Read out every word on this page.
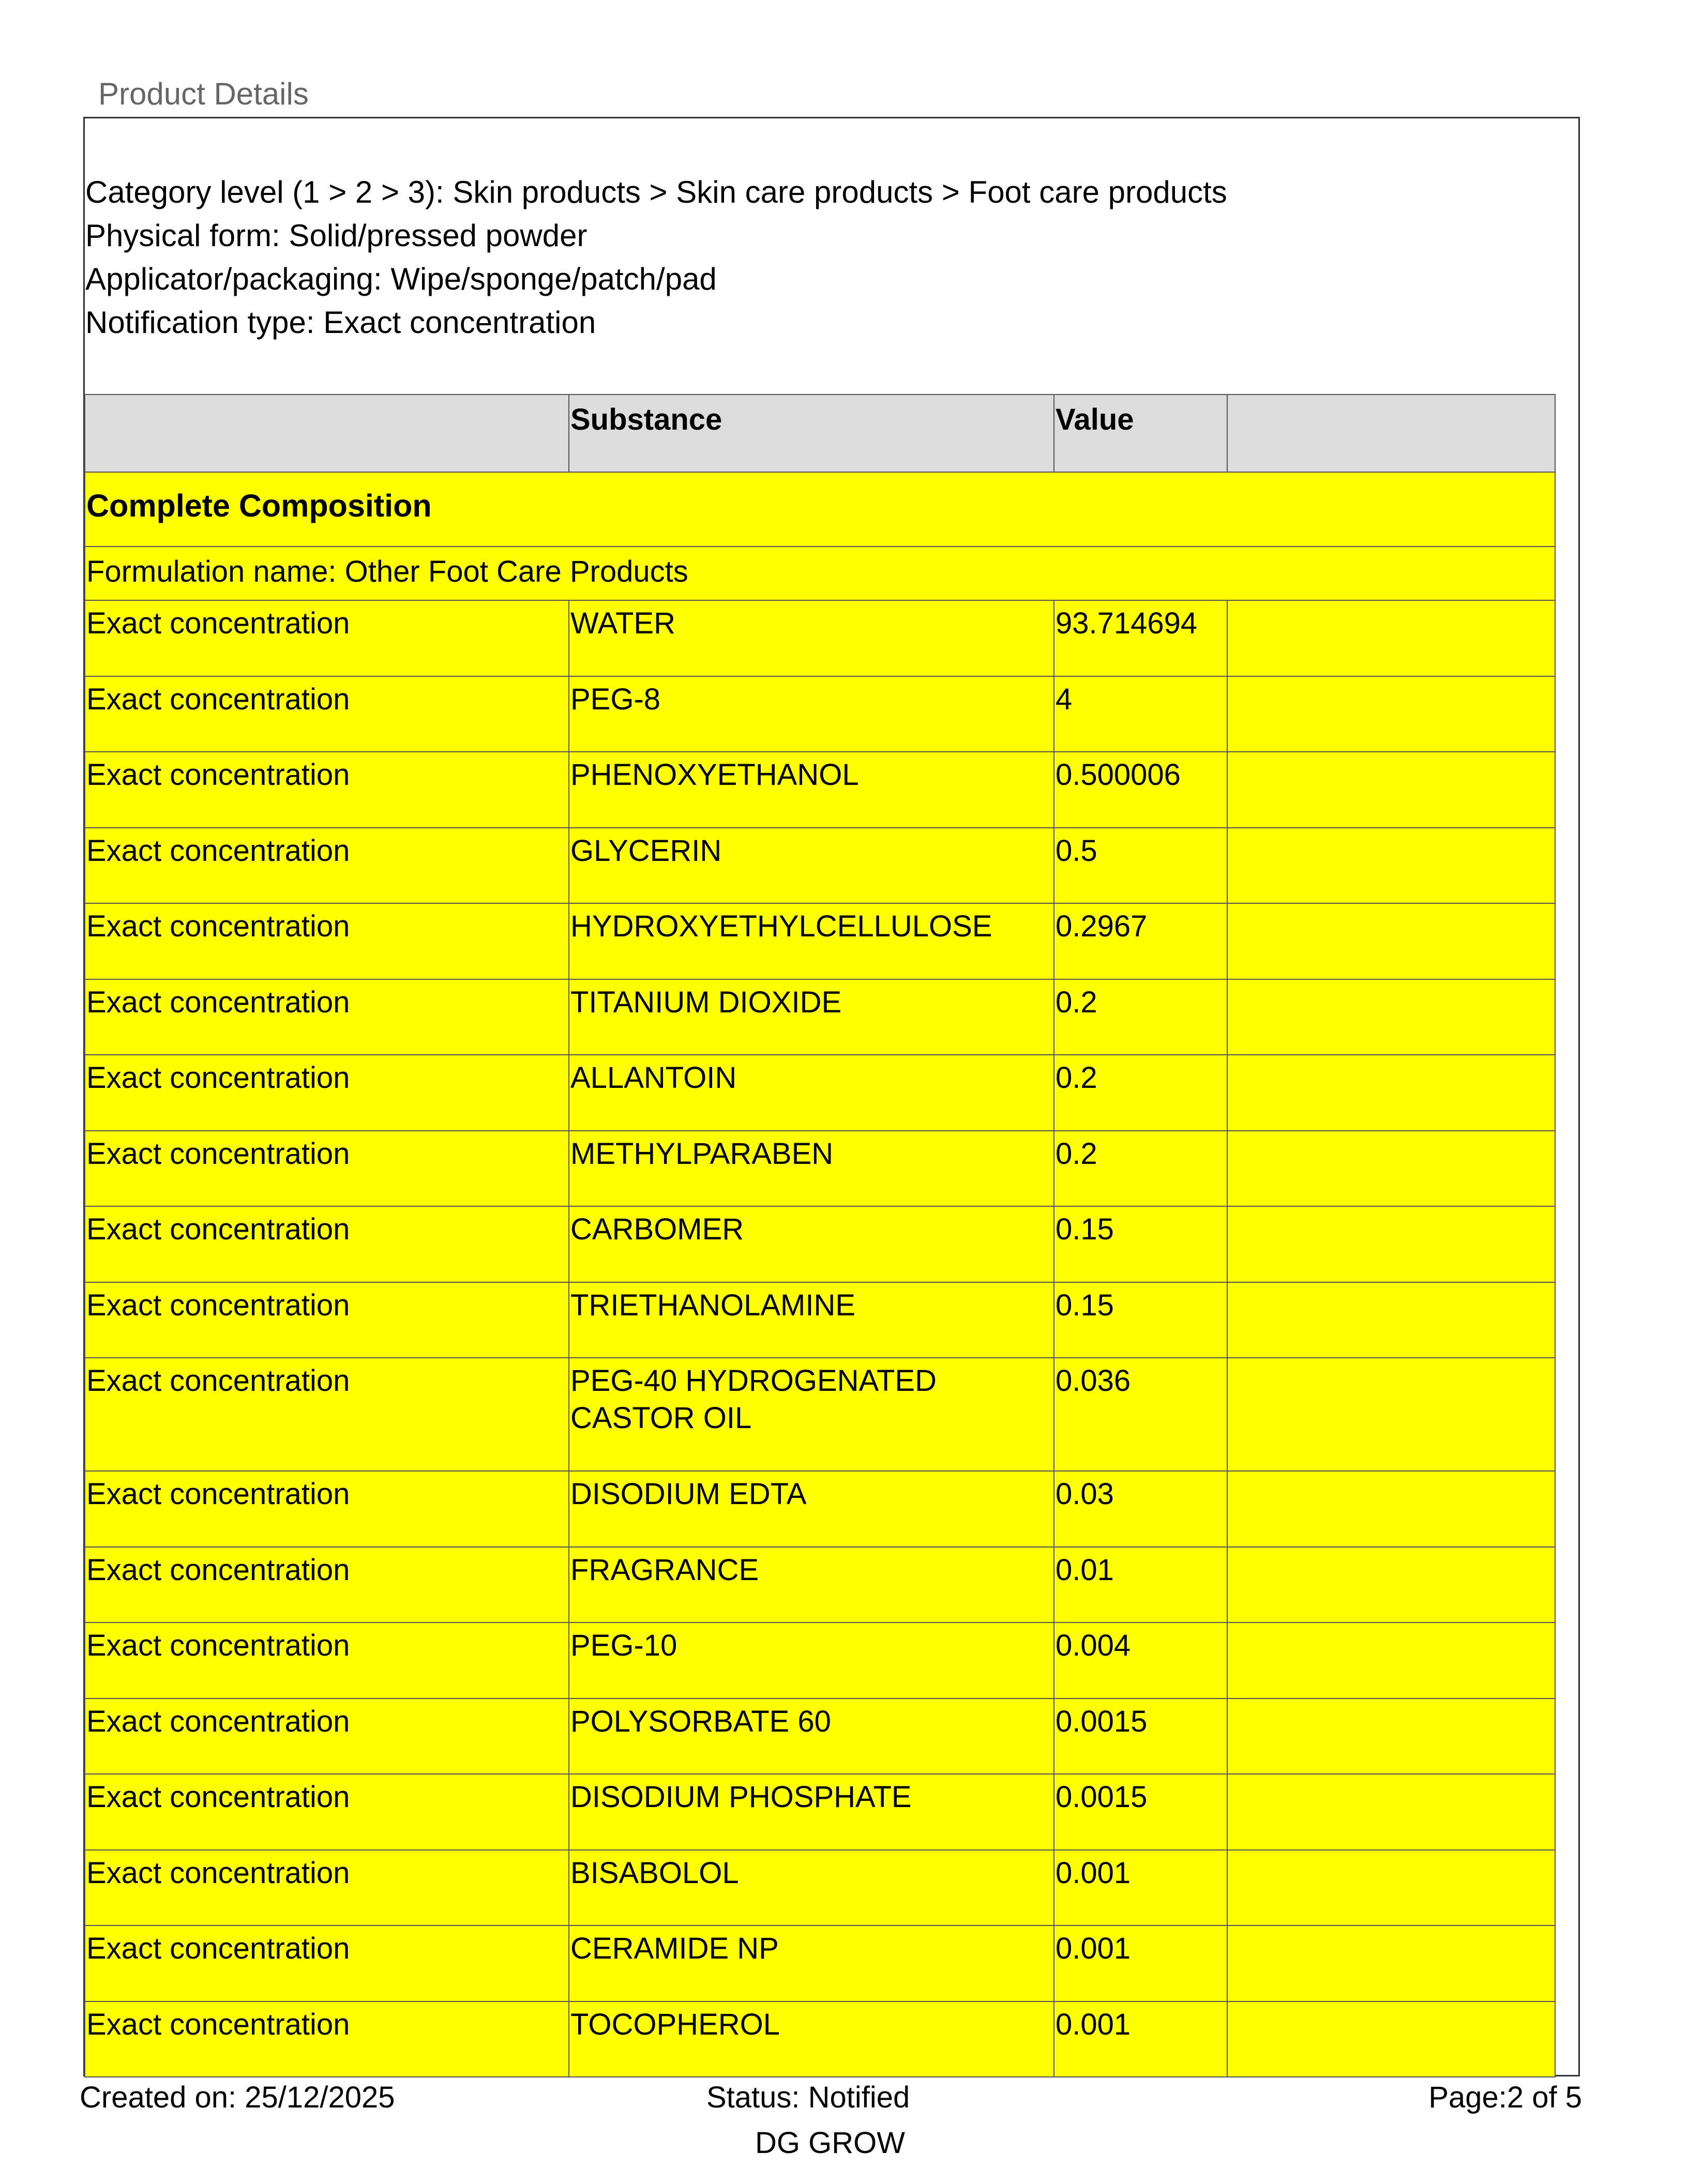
Product Details
Category level (1 > 2 > 3): Skin products > Skin care products > Foot care products
Physical form: Solid/pressed powder
Applicator/packaging: Wipe/sponge/patch/pad
Notification type: Exact concentration
	Substance	Value	
Complete Composition			
Formulation name: Other Foot Care Products			
Exact concentration	WATER	93.714694	
Exact concentration	PEG-8	4	
Exact concentration	PHENOXYETHANOL	0.500006	
Exact concentration	GLYCERIN	0.5	
Exact concentration	HYDROXYETHYLCELLULOSE	0.2967	
Exact concentration	TITANIUM DIOXIDE	0.2	
Exact concentration	ALLANTOIN	0.2	
Exact concentration	METHYLPARABEN	0.2	
Exact concentration	CARBOMER	0.15	
Exact concentration	TRIETHANOLAMINE	0.15	
Exact concentration	PEG-40 HYDROGENATED CASTOR OIL	0.036	
Exact concentration	DISODIUM EDTA	0.03	
Exact concentration	FRAGRANCE	0.01	
Exact concentration	PEG-10	0.004	
Exact concentration	POLYSORBATE 60	0.0015	
Exact concentration	DISODIUM PHOSPHATE	0.0015	
Exact concentration	BISABOLOL	0.001	
Exact concentration	CERAMIDE NP	0.001	
Exact concentration	TOCOPHEROL	0.001	
Created on: 25/12/2025	Status: Notified
DG GROW
Page:2 of 5
